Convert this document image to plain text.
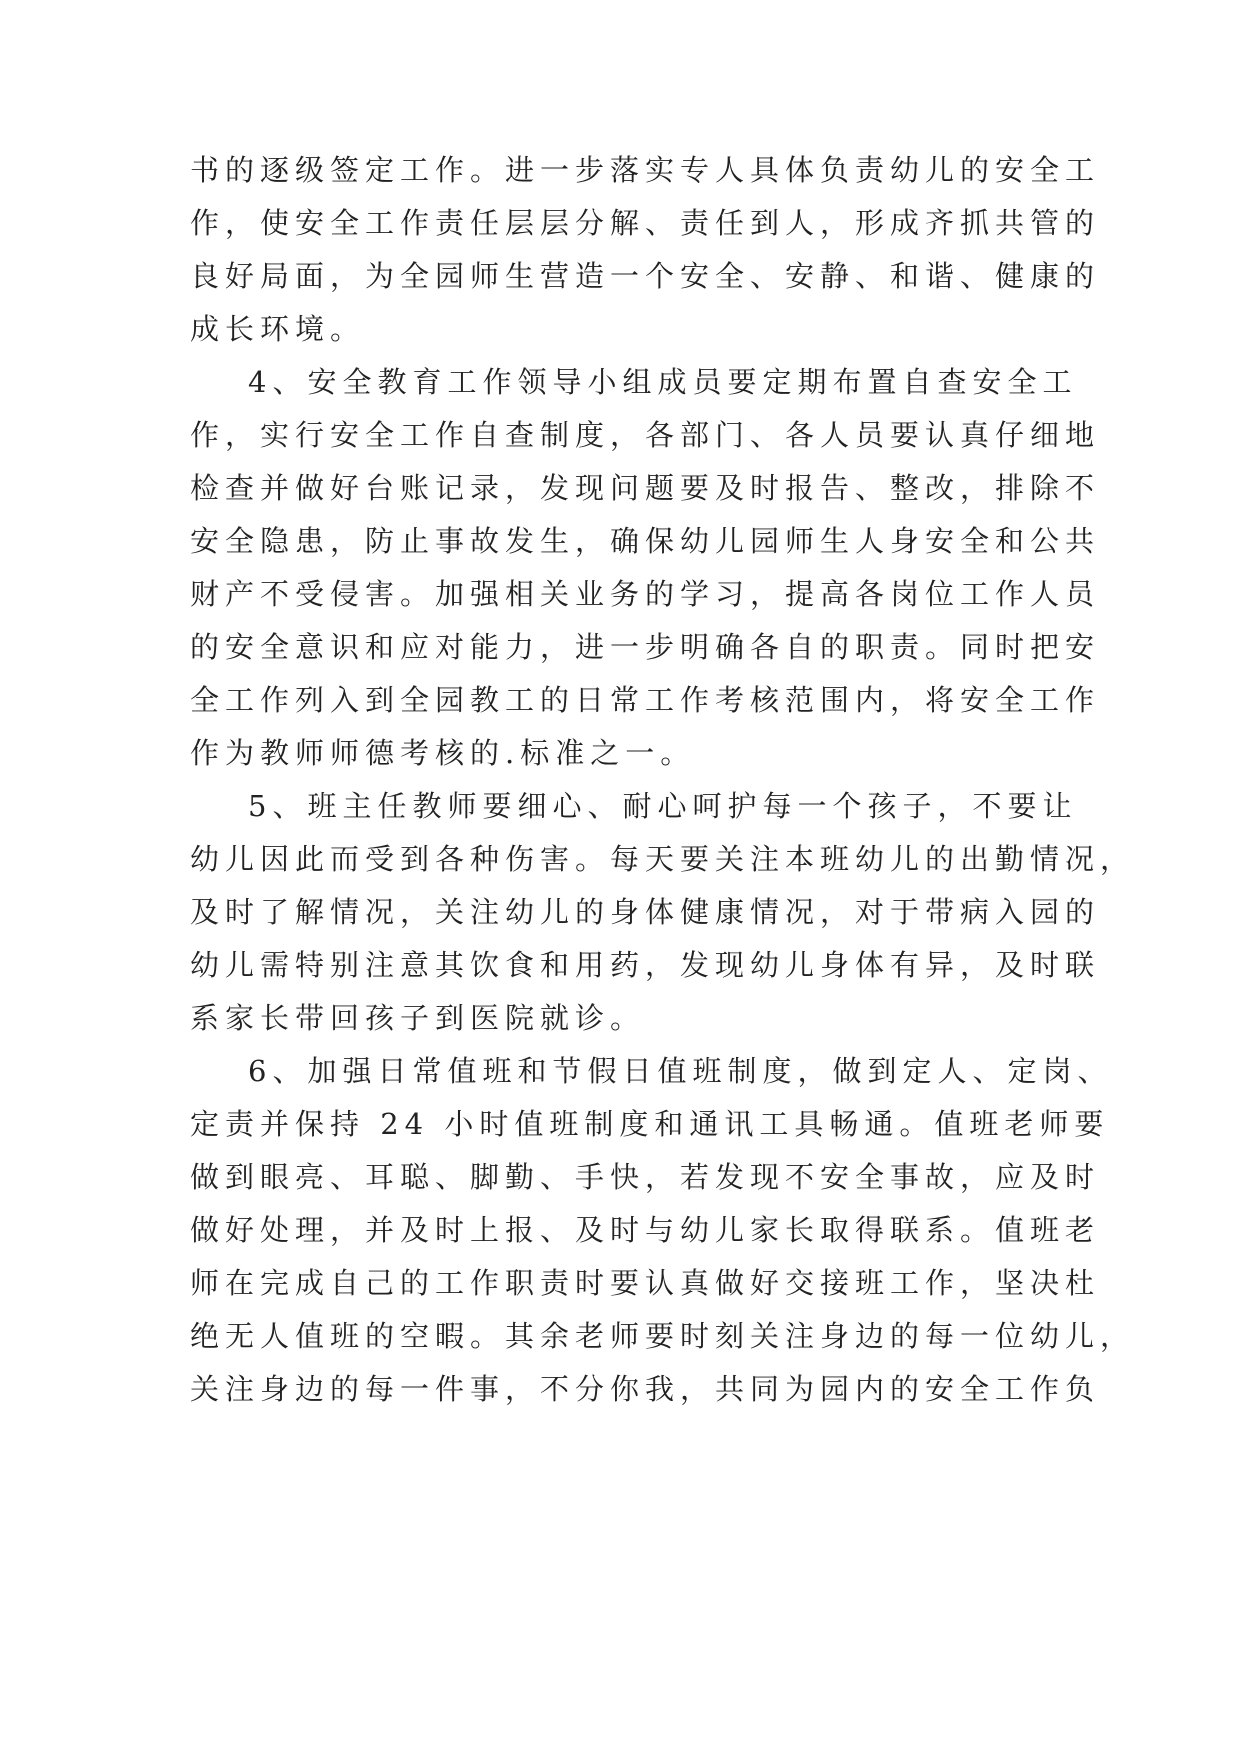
书的逐级签定工作。进一步落实专人具体负责幼儿的安全工
作，使安全工作责任层层分解、责任到人，形成齐抓共管的
良好局面，为全园师生营造一个安全、安静、和谐、健康的
成长环境。
4、安全教育工作领导小组成员要定期布置自查安全工
作，实行安全工作自查制度，各部门、各人员要认真仔细地
检查并做好台账记录，发现问题要及时报告、整改，排除不
安全隐患，防止事故发生，确保幼儿园师生人身安全和公共
财产不受侵害。加强相关业务的学习，提高各岗位工作人员
的安全意识和应对能力，进一步明确各自的职责。同时把安
全工作列入到全园教工的日常工作考核范围内，将安全工作
作为教师师德考核的.标准之一。
5、班主任教师要细心、耐心呵护每一个孩子，不要让
幼儿因此而受到各种伤害。每天要关注本班幼儿的出勤情况，
及时了解情况，关注幼儿的身体健康情况，对于带病入园的
幼儿需特别注意其饮食和用药，发现幼儿身体有异，及时联
系家长带回孩子到医院就诊。
6、加强日常值班和节假日值班制度，做到定人、定岗、
定责并保持 24 小时值班制度和通讯工具畅通。值班老师要
做到眼亮、耳聪、脚勤、手快，若发现不安全事故，应及时
做好处理，并及时上报、及时与幼儿家长取得联系。值班老
师在完成自己的工作职责时要认真做好交接班工作，坚决杜
绝无人值班的空暇。其余老师要时刻关注身边的每一位幼儿，
关注身边的每一件事，不分你我，共同为园内的安全工作负
